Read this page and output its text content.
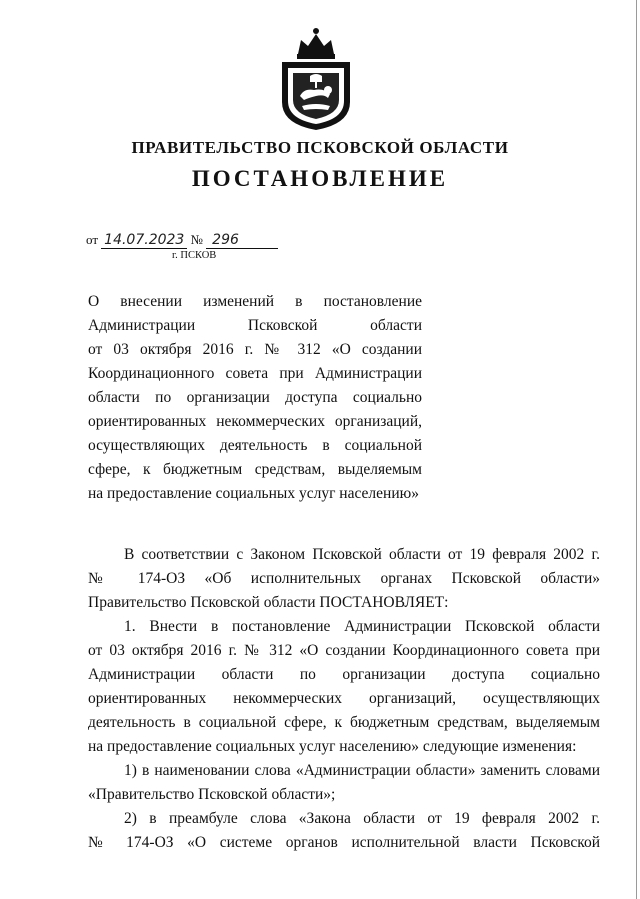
ПРАВИТЕЛЬСТВО ПСКОВСКОЙ ОБЛАСТИ
ПОСТАНОВЛЕНИЕ
от 14.07.2023 № 296
г. ПСКОВ
О внесении изменений в постановление
Администрации Псковской области
от 03 октября 2016 г. № 312 «О создании
Координационного совета при Администрации
области по организации доступа социально
ориентированных некоммерческих организаций,
осуществляющих деятельность в социальной
сфере, к бюджетным средствам, выделяемым
на предоставление социальных услуг населению»
В соответствии с Законом Псковской области от 19 февраля 2002 г.
№ 174-ОЗ «Об исполнительных органах Псковской области»
Правительство Псковской области ПОСТАНОВЛЯЕТ:
1. Внести в постановление Администрации Псковской области
от 03 октября 2016 г. № 312 «О создании Координационного совета при
Администрации области по организации доступа социально
ориентированных некоммерческих организаций, осуществляющих
деятельность в социальной сфере, к бюджетным средствам, выделяемым
на предоставление социальных услуг населению» следующие изменения:
1) в наименовании слова «Администрации области» заменить словами
«Правительство Псковской области»;
2) в преамбуле слова «Закона области от 19 февраля 2002 г.
№ 174-ОЗ «О системе органов исполнительной власти Псковской
